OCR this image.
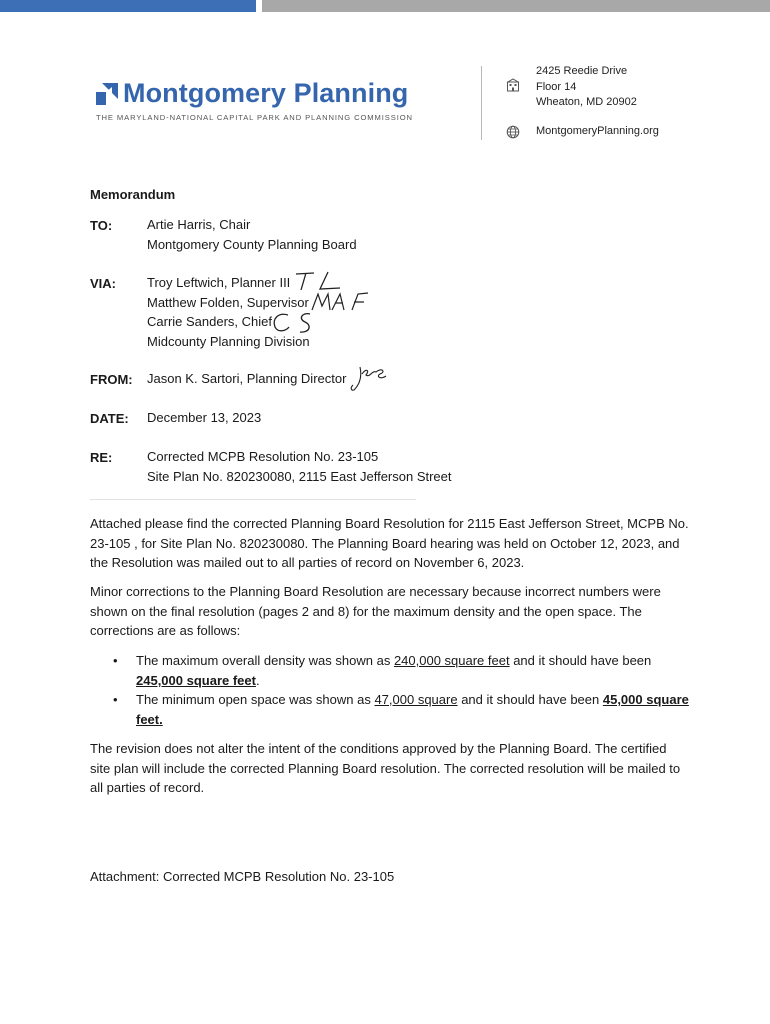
Montgomery Planning
THE MARYLAND-NATIONAL CAPITAL PARK AND PLANNING COMMISSION
2425 Reedie Drive
Floor 14
Wheaton, MD 20902
MontgomeryPlanning.org
Memorandum
TO:	Artie Harris, Chair
Montgomery County Planning Board
VIA: Troy Leftwich, Planner III
Matthew Folden, Supervisor
Carrie Sanders, Chief
Midcounty Planning Division
FROM: Jason K. Sartori, Planning Director
DATE: December 13, 2023
RE:	Corrected MCPB Resolution No. 23-105
Site Plan No. 820230080, 2115 East Jefferson Street
Attached please find the corrected Planning Board Resolution for 2115 East Jefferson Street, MCPB No. 23-105 , for Site Plan No. 820230080. The Planning Board hearing was held on October 12, 2023, and the Resolution was mailed out to all parties of record on November 6, 2023.
Minor corrections to the Planning Board Resolution are necessary because incorrect numbers were shown on the final resolution (pages 2 and 8) for the maximum density and the open space. The corrections are as follows:
• The maximum overall density was shown as 240,000 square feet and it should have been 245,000 square feet.
• The minimum open space was shown as 47,000 square and it should have been 45,000 square feet.
The revision does not alter the intent of the conditions approved by the Planning Board. The certified site plan will include the corrected Planning Board resolution. The corrected resolution will be mailed to all parties of record.
Attachment: Corrected MCPB Resolution No. 23-105
